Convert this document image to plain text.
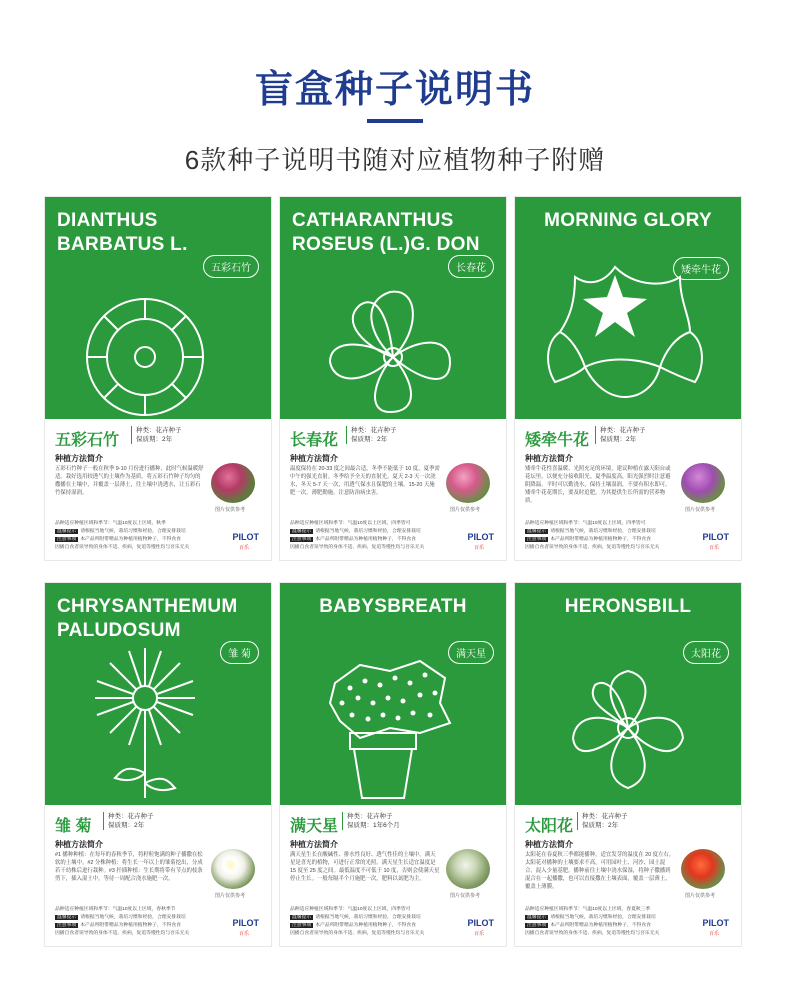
盲盒种子说明书
6款种子说明书随对应植物种子附赠
DIANTHUS BARBATUS L.
五彩石竹
五彩石竹
种类：花卉种子
保质期：2年
种植方法简介
五彩石竹种子一般在秋季 9-10 月份进行播种，此时气候温暖舒适。栽好选用较透气的土壤作为基质。将五彩石竹种子均匀的撒播在土壤中，并覆盖一层薄土，往土壤中浇透水，让五彩石竹保持湿润。
图片仅供参考
品种适应种植区域和季节：气温10度以上区域，秋季
温馨提示 请根据当地气候，栽培习惯和经验，合理安排栽培
注意事项 本产品所附带赠品为种植用植物种子，不得食食
因播自食者误导致的身体不适、疾病，复追等慢性均与吾乐无关
PILOT
百乐
CATHARANTHUS ROSEUS (L.)G. DON
长春花
长春花
种类：花卉种子
保质期：2年
种植方法简介
温度保持在 20-33 度之间最合适，冬季不能低于 10 度，夏季需中午的强光直射。冬季给予全天的直射光。夏天 2-3 天一次浇水，冬天 5-7 天一次，用透气保水且保肥的土壤。15-20 天施肥一次，薄肥勤施。注意防治病虫害。
图片仅供参考
品种适应种植区域和季节：气温10度以上区域，四季皆可
温馨提示 请根据当地气候，栽培习惯和经验，合理安排栽培
注意事项 本产品所附带赠品为种植用植物种子，不得食食
因播自食者误导致的身体不适、疾病，复追等慢性均与吾乐无关
PILOT
百乐
MORNING GLORY
矮牵牛花
矮牵牛花
种类：花卉种子
保质期：2年
种植方法简介
矮牵牛花性喜温暖、光照充足的环境，建议种植在露天阳台或花坛里，以便充分接收阳光。夏季温度高，阳光强烈时注意避阴降温。平时可以勤浇水，保持土壤湿润，不要有积水即可。矮牵牛花花期长，要及时追肥，为其提供生长所需的营养物质。
图片仅供参考
品种适应种植区域和季节：气温10度以上区域，四季皆可
温馨提示 请根据当地气候，栽培习惯和经验，合理安排栽培
注意事项 本产品所附带赠品为种植用植物种子，不得食食
因播自食者误导致的身体不适、疾病，复追等慢性均与吾乐无关
PILOT
百乐
CHRYSANTHEMUM PALUDOSUM
雏 菊
雏 菊
种类：花卉种子
保质期：2年
种植方法简介
#1 播种种植：在每年的春秋季节，将籽粒饱满的种子播撒在松软的土壤中。#2 分株种植：将生长一年以上的雏菊挖出，分成若干幼株后进行栽种。#3 扦插种植：生长期将带有节点的枝条剪下，插入湿土中，等待一周配合浇水施肥一次。
图片仅供参考
品种适应种植区域和季节：气温10度以上区域，春秋季节
温馨提示 请根据当地气候，栽培习惯和经验，合理安排栽培
注意事项 本产品所附带赠品为种植用植物种子，不得食食
因播自食者误导致的身体不适、疾病，复追等慢性均与吾乐无关
PILOT
百乐
BABYSBREATH
满天星
满天星
种类：花卉种子
保质期：1年6个月
种植方法简介
满天星生长在酸碱性、排水性良好、透气性佳的土壤中。满天星是喜光的植物，可进行正常的光照。满天星生长适宜温度是 15 度至 25 度之间。最低温度不可低于 10 度，否则会使满天星停止生长。一般每隔半个月施肥一次，肥料以氮肥为主。
图片仅供参考
品种适应种植区域和季节：气温10度以上区域，四季皆可
温馨提示 请根据当地气候，栽培习惯和经验，合理安排栽培
注意事项 本产品所附带赠品为种植用植物种子，不得食食
因播自食者误导致的身体不适、疾病，复追等慢性均与吾乐无关
PILOT
百乐
HERONSBILL
太阳花
太阳花
种类：花卉种子
保质期：2年
种植方法简介
太阳花在春夏秋三季都能播种，适宜发芽的温度在 20 度左右。太阳花对播种的土壤要求不高，可用园叶土、河沙、园土混合，混入少量基肥。播种前往土壤中浇水保湿，将种子撒播到混合在一起播撒，也可以直接撒在土壤表面，覆盖一层薄土，覆盖上薄膜。
图片仅供参考
品种适应种植区域和季节：气温10度以上区域，春夏秋三季
温馨提示 请根据当地气候，栽培习惯和经验，合理安排栽培
注意事项 本产品所附带赠品为种植用植物种子，不得食食
因播自食者误导致的身体不适、疾病，复追等慢性均与吾乐无关
PILOT
百乐
